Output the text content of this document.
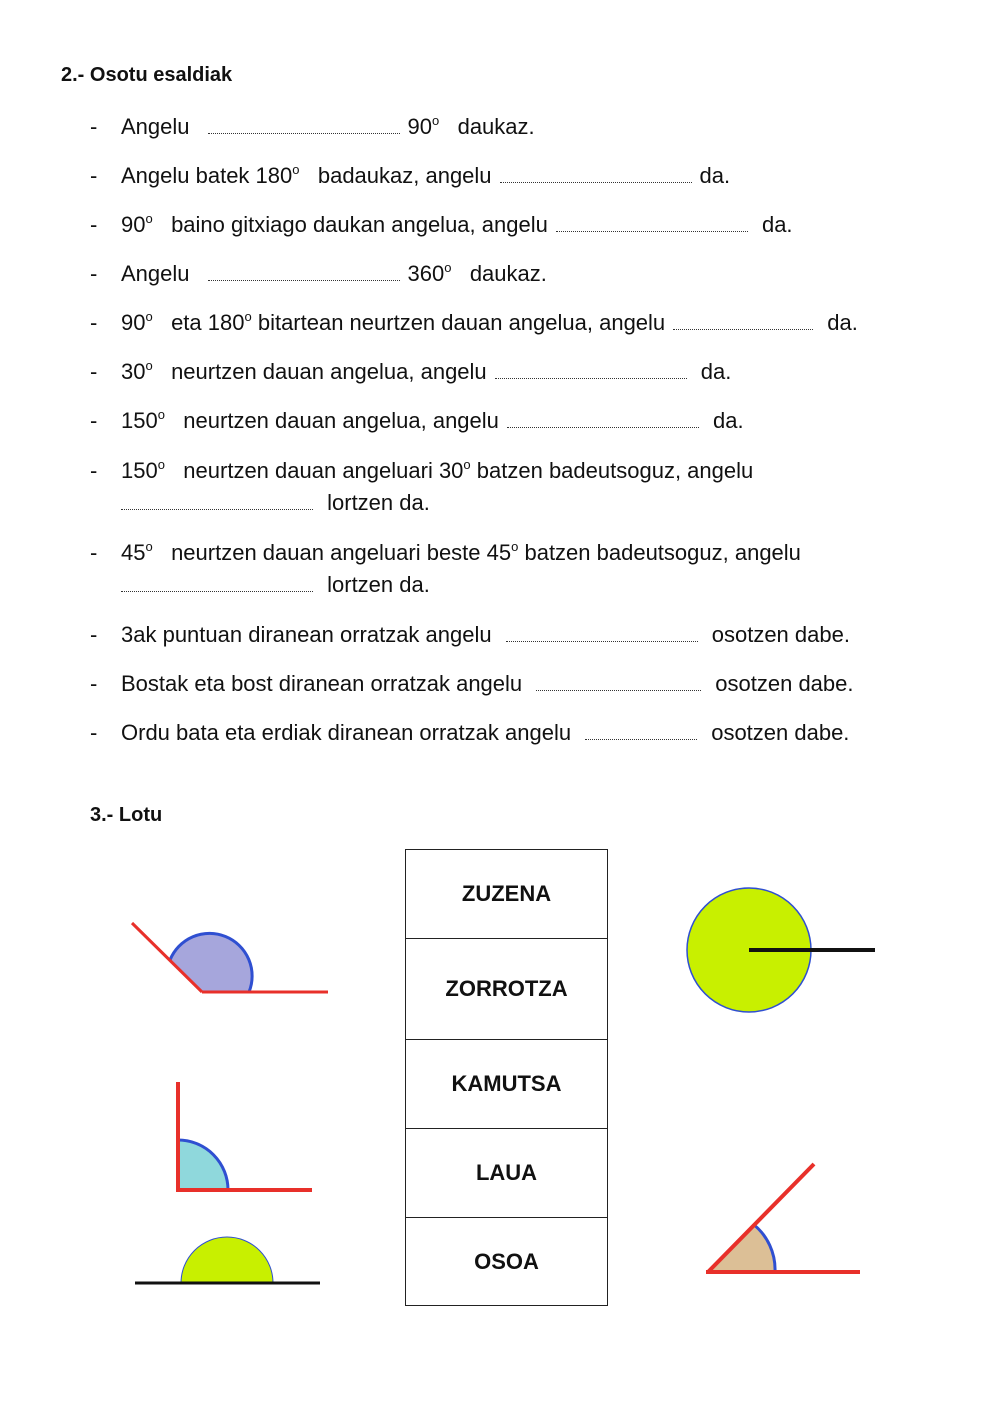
2.- Osotu esaldiak
- Angelu	90$^o$ daukaz.
- Angelu batek 180$^o$ badaukaz, angelu	da.
- 90$^o$ baino gitxiago daukan angelua, angelu	da.
- Angelu	360$^o$ daukaz.
- 90$^o$ eta 180$^o$ bitartean neurtzen dauan angelua, angelu	da.
- 30$^o$ neurtzen dauan angelua, angelu	da.
- 150$^o$ neurtzen dauan angelua, angelu	da.
- 150$^o$ neurtzen dauan angeluari 30$^o$ batzen badeutsoguz, angelu
lortzen da.
- 45$^o$ neurtzen dauan angeluari beste 45$^o$ batzen badeutsoguz, angelu
lortzen da.
- 3ak puntuan diranean orratzak angelu	osotzen dabe.
- Bostak eta bost diranean orratzak angelu	osotzen dabe.
- Ordu bata eta erdiak diranean orratzak angelu	osotzen dabe.
3.- Lotu
ZUZENA
ZORROTZA
KAMUTSA
LAUA
OSOA
